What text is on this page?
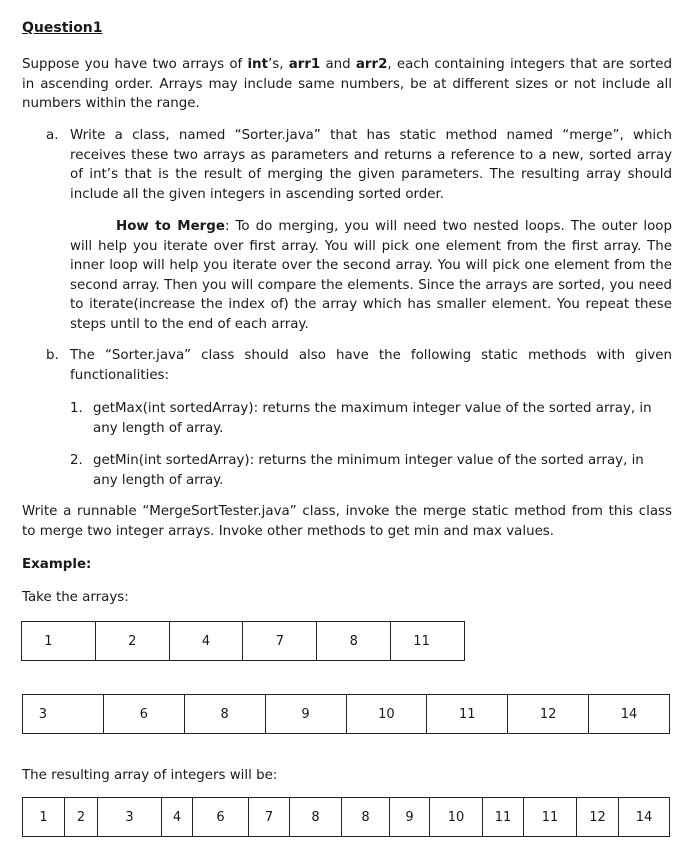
Question1
Suppose you have two arrays of int’s, arr1 and arr2, each containing integers that are sorted in ascending order. Arrays may include same numbers, be at different sizes or not include all numbers within the range.
a. Write a class, named “Sorter.java” that has static method named “merge”, which receives these two arrays as parameters and returns a reference to a new, sorted array of int’s that is the result of merging the given parameters. The resulting array should include all the given integers in ascending sorted order.
How to Merge: To do merging, you will need two nested loops. The outer loop will help you iterate over first array. You will pick one element from the first array. The inner loop will help you iterate over the second array. You will pick one element from the second array. Then you will compare the elements. Since the arrays are sorted, you need to iterate(increase the index of) the array which has smaller element. You repeat these steps until to the end of each array.
b. The “Sorter.java” class should also have the following static methods with given functionalities:
1. getMax(int sortedArray): returns the maximum integer value of the sorted array, in any length of array.
2. getMin(int sortedArray): returns the minimum integer value of the sorted array, in any length of array.
Write a runnable “MergeSortTester.java” class, invoke the merge static method from this class to merge two integer arrays. Invoke other methods to get min and max values.
Example:
Take the arrays:
1	2	4	7	8	11
3	6	8	9	10	11	12	14
The resulting array of integers will be:
1	2	3	4	6	7	8	8	9	10	11	11	12	14
